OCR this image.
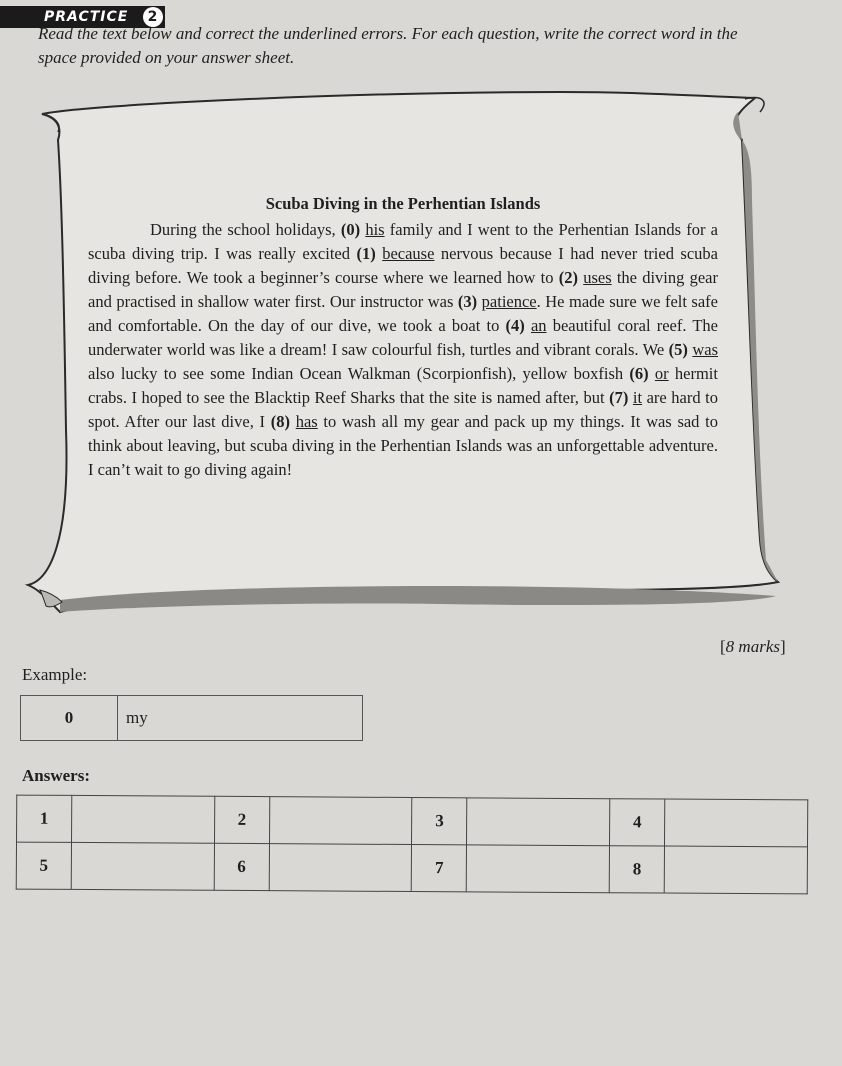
PRACTICE	2
Read the text below and correct the underlined errors. For each question, write the correct word in the space provided on your answer sheet.
Scuba Diving in the Perhentian Islands

During the school holidays, (0) his family and I went to the Perhentian Islands for a scuba diving trip. I was really excited (1) because nervous because I had never tried scuba diving before. We took a beginner’s course where we learned how to (2) uses the diving gear and practised in shallow water first. Our instructor was (3) patience. He made sure we felt safe and comfortable. On the day of our dive, we took a boat to (4) an beautiful coral reef. The underwater world was like a dream! I saw colourful fish, turtles and vibrant corals. We (5) was also lucky to see some Indian Ocean Walkman (Scorpionfish), yellow boxfish (6) or hermit crabs. I hoped to see the Blacktip Reef Sharks that the site is named after, but (7) it are hard to spot. After our last dive, I (8) has to wash all my gear and pack up my things. It was sad to think about leaving, but scuba diving in the Perhentian Islands was an unforgettable adventure. I can’t wait to go diving again!

[8 marks]
Example:
0	my
Answers:
1		2		3		4	
5		6		7		8	
